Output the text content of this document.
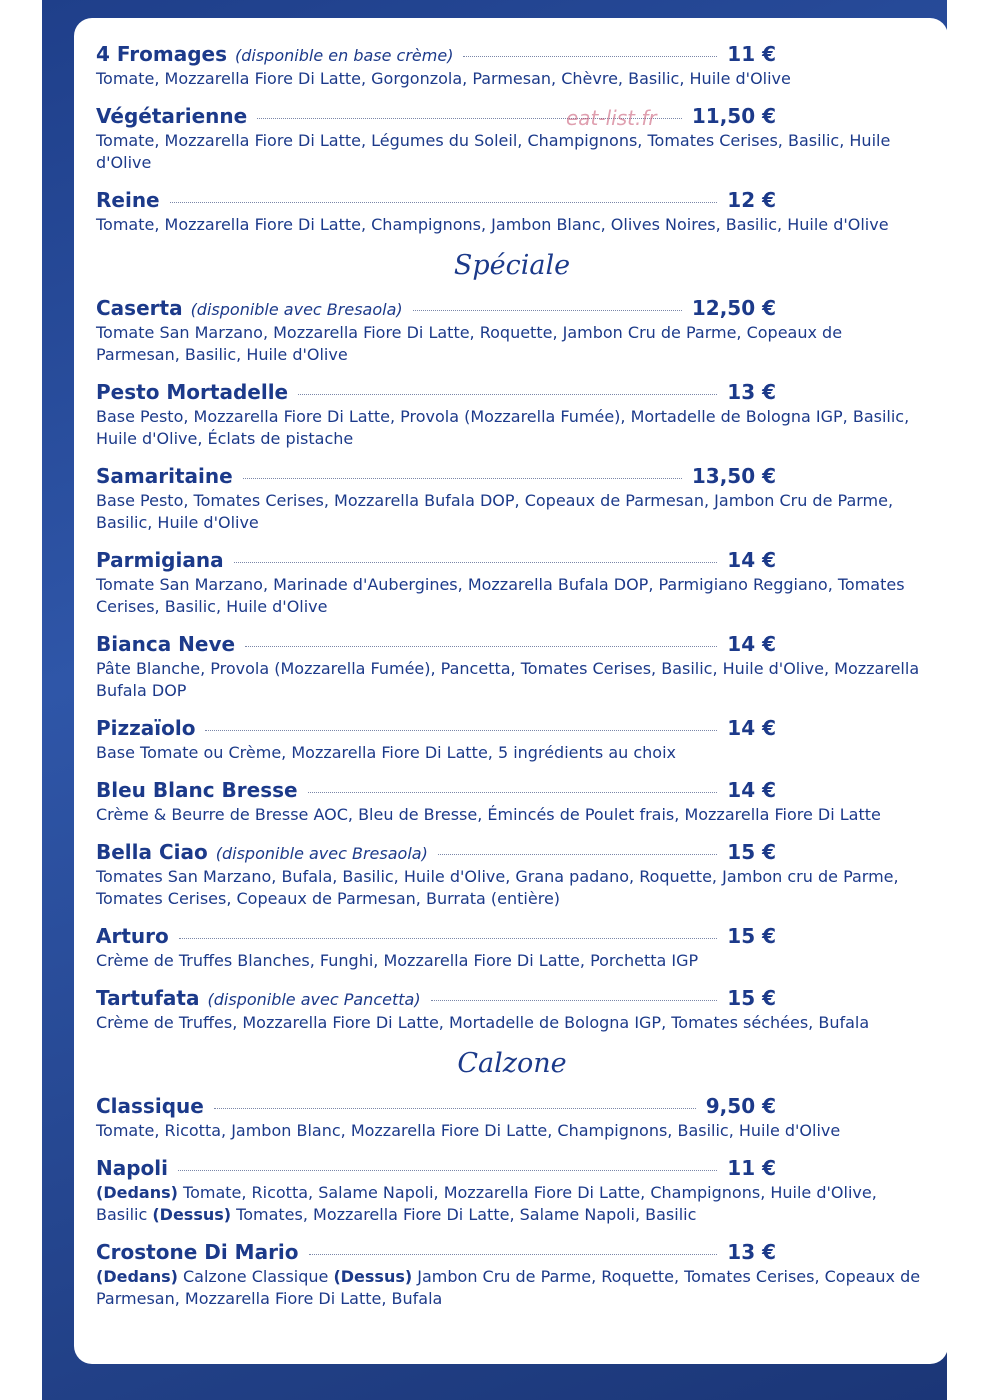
4 Fromages (disponible en base crème)	11 €
Tomate, Mozzarella Fiore Di Latte, Gorgonzola, Parmesan, Chèvre, Basilic, Huile d'Olive
Végétarienne	11,50 €
Tomate, Mozzarella Fiore Di Latte, Légumes du Soleil, Champignons, Tomates Cerises, Basilic, Huile d'Olive
Reine	12 €
Tomate, Mozzarella Fiore Di Latte, Champignons, Jambon Blanc, Olives Noires, Basilic, Huile d'Olive
Spéciale
Caserta (disponible avec Bresaola)	12,50 €
Tomate San Marzano, Mozzarella Fiore Di Latte, Roquette, Jambon Cru de Parme, Copeaux de Parmesan, Basilic, Huile d'Olive
Pesto Mortadelle	13 €
Base Pesto, Mozzarella Fiore Di Latte, Provola (Mozzarella Fumée), Mortadelle de Bologna IGP, Basilic, Huile d'Olive, Éclats de pistache
Samaritaine	13,50 €
Base Pesto, Tomates Cerises, Mozzarella Bufala DOP, Copeaux de Parmesan, Jambon Cru de Parme, Basilic, Huile d'Olive
Parmigiana	14 €
Tomate San Marzano, Marinade d'Aubergines, Mozzarella Bufala DOP, Parmigiano Reggiano, Tomates Cerises, Basilic, Huile d'Olive
Bianca Neve	14 €
Pâte Blanche, Provola (Mozzarella Fumée), Pancetta, Tomates Cerises, Basilic, Huile d'Olive, Mozzarella Bufala DOP
Pizzaïolo	14 €
Base Tomate ou Crème, Mozzarella Fiore Di Latte, 5 ingrédients au choix
Bleu Blanc Bresse	14 €
Crème & Beurre de Bresse AOC, Bleu de Bresse, Émincés de Poulet frais, Mozzarella Fiore Di Latte
Bella Ciao (disponible avec Bresaola)	15 €
Tomates San Marzano, Bufala, Basilic, Huile d'Olive, Grana padano, Roquette, Jambon cru de Parme, Tomates Cerises, Copeaux de Parmesan, Burrata (entière)
Arturo	15 €
Crème de Truffes Blanches, Funghi, Mozzarella Fiore Di Latte, Porchetta IGP
Tartufata (disponible avec Pancetta)	15 €
Crème de Truffes, Mozzarella Fiore Di Latte, Mortadelle de Bologna IGP, Tomates séchées, Bufala
Calzone
Classique	9,50 €
Tomate, Ricotta, Jambon Blanc, Mozzarella Fiore Di Latte, Champignons, Basilic, Huile d'Olive
Napoli	11 €
(Dedans) Tomate, Ricotta, Salame Napoli, Mozzarella Fiore Di Latte, Champignons, Huile d'Olive, Basilic (Dessus) Tomates, Mozzarella Fiore Di Latte, Salame Napoli, Basilic
Crostone Di Mario	13 €
(Dedans) Calzone Classique (Dessus) Jambon Cru de Parme, Roquette, Tomates Cerises, Copeaux de Parmesan, Mozzarella Fiore Di Latte, Bufala
eat-list.fr
